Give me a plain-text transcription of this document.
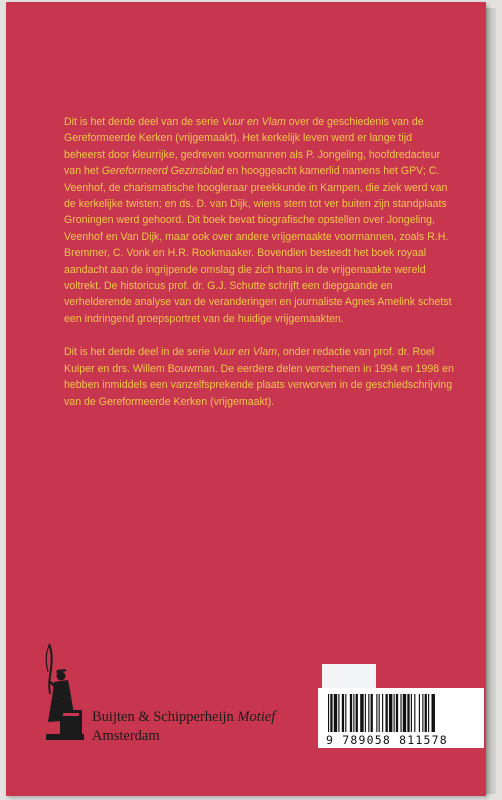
Dit is het derde deel van de serie Vuur en Vlam over de geschiedenis van de Gereformeerde Kerken (vrijgemaakt). Het kerkelijk leven werd er lange tijd beheerst door kleurrijke, gedreven voormannen als P. Jongeling, hoofdredacteur van het Gereformeerd Gezinsblad en hooggeacht kamerlid namens het GPV; C. Veenhof, de charismatische hoogleraar preekkunde in Kampen, die ziek werd van de kerkelijke twisten; en ds. D. van Dijk, wiens stem tot ver buiten zijn standplaats Groningen werd gehoord. Dit boek bevat biografische opstellen over Jongeling, Veenhof en Van Dijk, maar ook over andere vrijgemaakte voormannen, zoals R.H. Bremmer, C. Vonk en H.R. Rookmaaker. Bovendien besteedt het boek royaal aandacht aan de ingrijpende omslag die zich thans in de vrijgemaakte wereld voltrekt. De historicus prof. dr. G.J. Schutte schrijft een diepgaande en verhelderende analyse van de veranderingen en journaliste Agnes Amelink schetst een indringend groepsportret van de huidige vrijgemaakten.

Dit is het derde deel in de serie Vuur en Vlam, onder redactie van prof. dr. Roel Kuiper en drs. Willem Bouwman. De eerdere delen verschenen in 1994 en 1998 en hebben inmiddels een vanzelfsprekende plaats verworven in de geschiedschrijving van de Gereformeerde Kerken (vrijgemaakt).

Buijten & Schipperheijn Motief
Amsterdam	9 789058 811578
